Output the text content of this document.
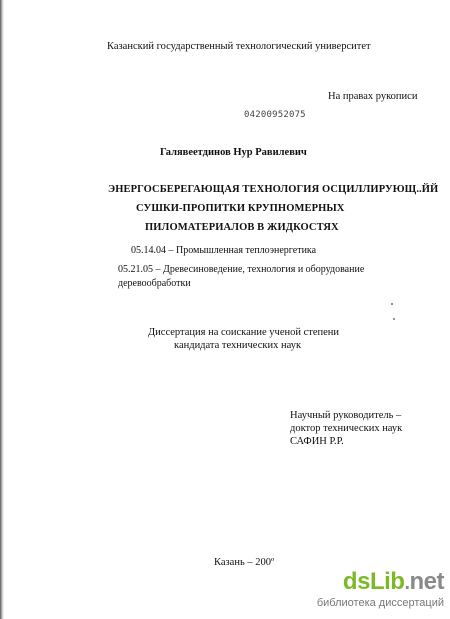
Казанский государственный технологический университет
На правах рукописи
04200952075
Галявеетдинов Нур Равилевич
ЭНЕРГОСБЕРЕГАЮЩАЯ ТЕХНОЛОГИЯ ОСЦИЛЛИРУЮЩ..ЙЙ
СУШКИ-ПРОПИТКИ КРУПНОМЕРНЫХ
ПИЛОМАТЕРИАЛОВ В ЖИДКОСТЯХ
05.14.04 – Промышленная теплоэнергетика
05.21.05 – Древесиноведение, технология и оборудование
деревообработки
Диссертация на соискание ученой степени
кандидата технических наук
Научный руководитель –
доктор технических наук
САФИН Р.Р.
Казань – 200º
dsLib.net
библиотека диссертаций
